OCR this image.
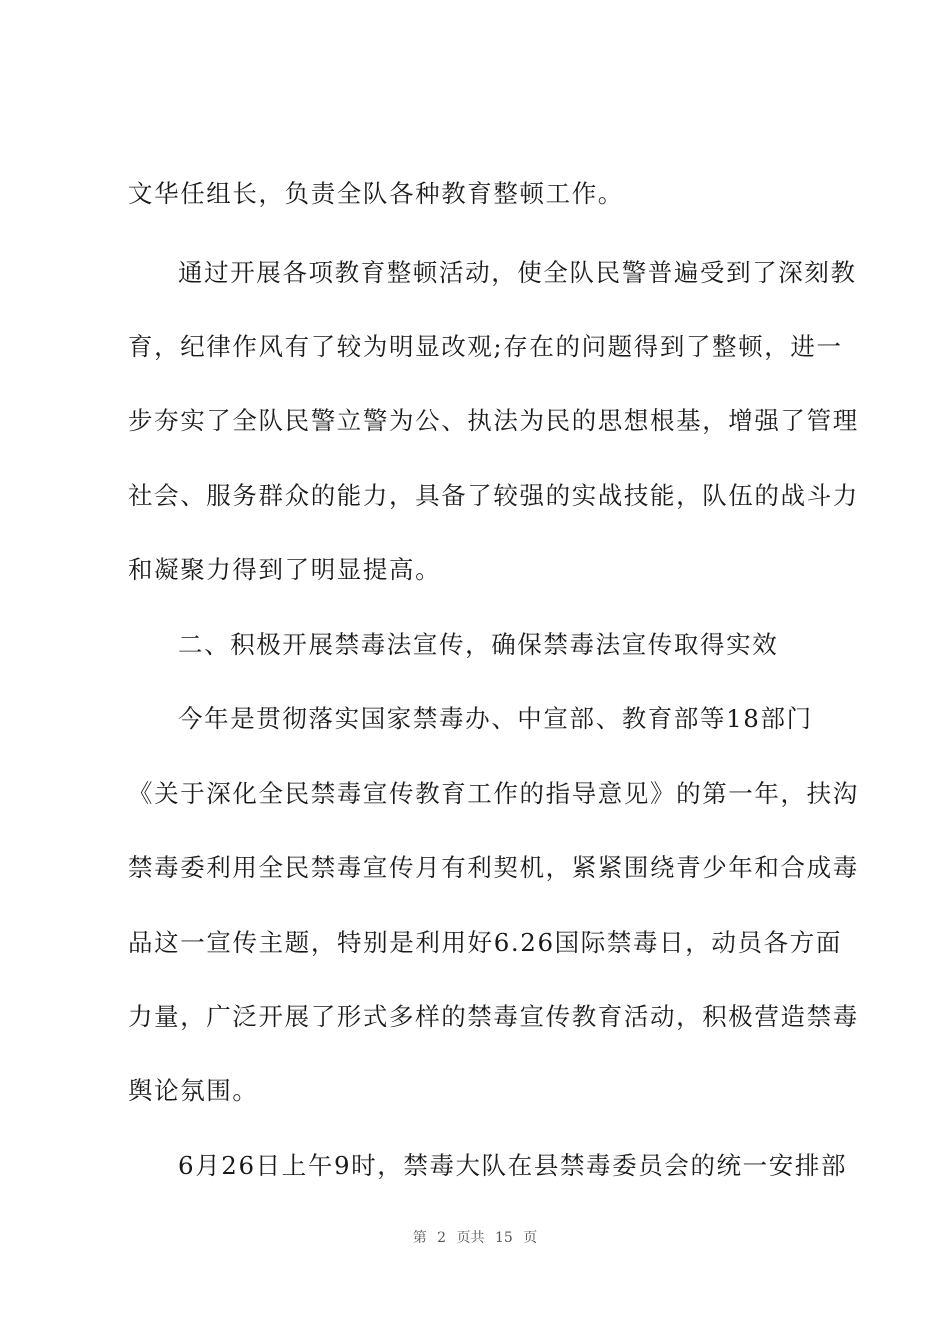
文华任组长，负责全队各种教育整顿工作。
通过开展各项教育整顿活动，使全队民警普遍受到了深刻教
育，纪律作风有了较为明显改观;存在的问题得到了整顿，进一
步夯实了全队民警立警为公、执法为民的思想根基，增强了管理
社会、服务群众的能力，具备了较强的实战技能，队伍的战斗力
和凝聚力得到了明显提高。
二、积极开展禁毒法宣传，确保禁毒法宣传取得实效
今年是贯彻落实国家禁毒办、中宣部、教育部等18部门
《关于深化全民禁毒宣传教育工作的指导意见》的第一年，扶沟
禁毒委利用全民禁毒宣传月有利契机，紧紧围绕青少年和合成毒
品这一宣传主题，特别是利用好6.26国际禁毒日，动员各方面
力量，广泛开展了形式多样的禁毒宣传教育活动，积极营造禁毒
舆论氛围。
6月26日上午9时，禁毒大队在县禁毒委员会的统一安排部
第 2 页共 15 页
